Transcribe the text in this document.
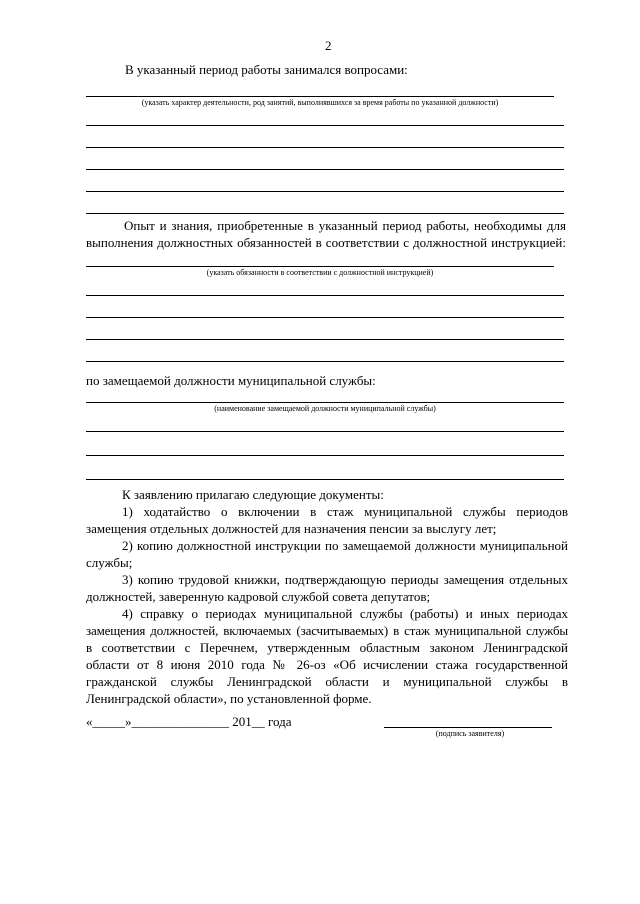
2
В указанный период работы занимался вопросами:
(указать характер деятельности, род занятий, выполнявшихся за время работы по указанной должности)
Опыт и знания, приобретенные в указанный период работы, необходимы для
выполнения должностных обязанностей в соответствии с должностной инструкцией:
(указать обязанности в соответствии с должностной инструкцией)
по замещаемой должности муниципальной службы:
(наименование замещаемой должности муниципальной службы)
К заявлению прилагаю следующие документы:
1) ходатайство о включении в стаж муниципальной службы периодов
замещения отдельных должностей для назначения пенсии за выслугу лет;
2) копию должностной инструкции по замещаемой должности муниципальной
службы;
3) копию трудовой книжки, подтверждающую периоды замещения отдельных
должностей, заверенную кадровой службой совета депутатов;
4) справку о периодах муниципальной службы (работы) и иных периодах
замещения должностей, включаемых (засчитываемых) в стаж муниципальной службы
в соответствии с Перечнем, утвержденным областным законом Ленинградской
области от 8 июня 2010 года № 26-оз «Об исчислении стажа государственной
гражданской службы Ленинградской области и муниципальной службы в
Ленинградской области», по установленной форме.
«_____»_______________ 201__ года
(подпись заявителя)
